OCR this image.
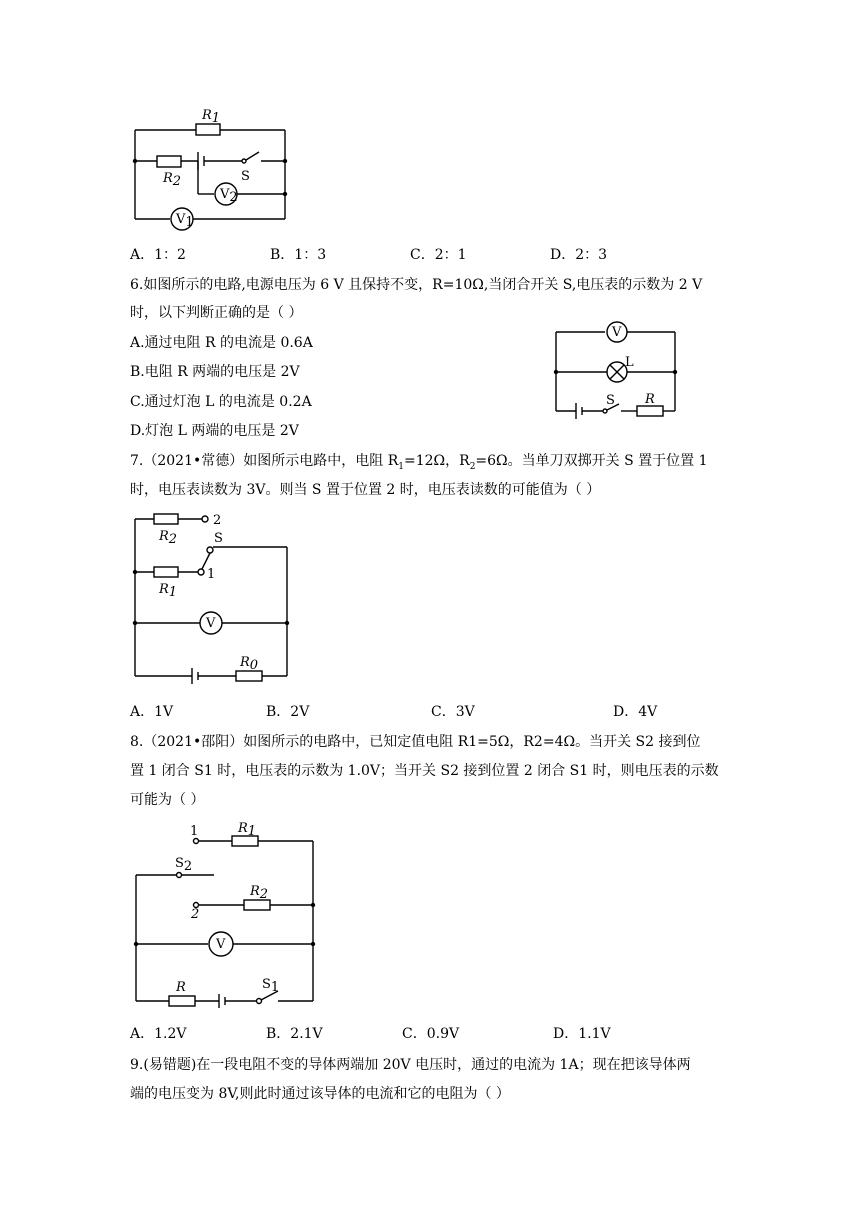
R1
R2	S
V1
V2
A．1：2	B．1：3	C．2：1	D．2：3
6.如图所示的电路,电源电压为 6 V 且保持不变，R=10Ω,当闭合开关 S,电压表的示数为 2 V
时，以下判断正确的是（ ）
A.通过电阻 R 的电流是 0.6A
B.电阻 R 两端的电压是 2V
C.通过灯泡 L 的电流是 0.2A
D.灯泡 L 两端的电压是 2V
V
L
S R
7.（2021•常德）如图所示电路中，电阻 $R_1=12\Omega$，$R_2=6\Omega$。当单刀双掷开关 S 置于位置 1
时，电压表读数为 3V。则当 S 置于位置 2 时，电压表读数的可能值为（ ）
R2
2
S
1
R1
V
R0
A．1V	B．2V	C．3V	D．4V
8.（2021•邵阳）如图所示的电路中，已知定值电阻 R1=5Ω，R2=4Ω。当开关 S2 接到位
置 1 闭合 S1 时，电压表的示数为 1.0V；当开关 S2 接到位置 2 闭合 S1 时，则电压表的示数
可能为（ ）
1	R1
S2
R2
2
V
R	S1
A．1.2V	B．2.1V	C．0.9V	D．1.1V
9.(易错题)在一段电阻不变的导体两端加 20V 电压时，通过的电流为 1A；现在把该导体两
端的电压变为 8V,则此时通过该导体的电流和它的电阻为（ ）
